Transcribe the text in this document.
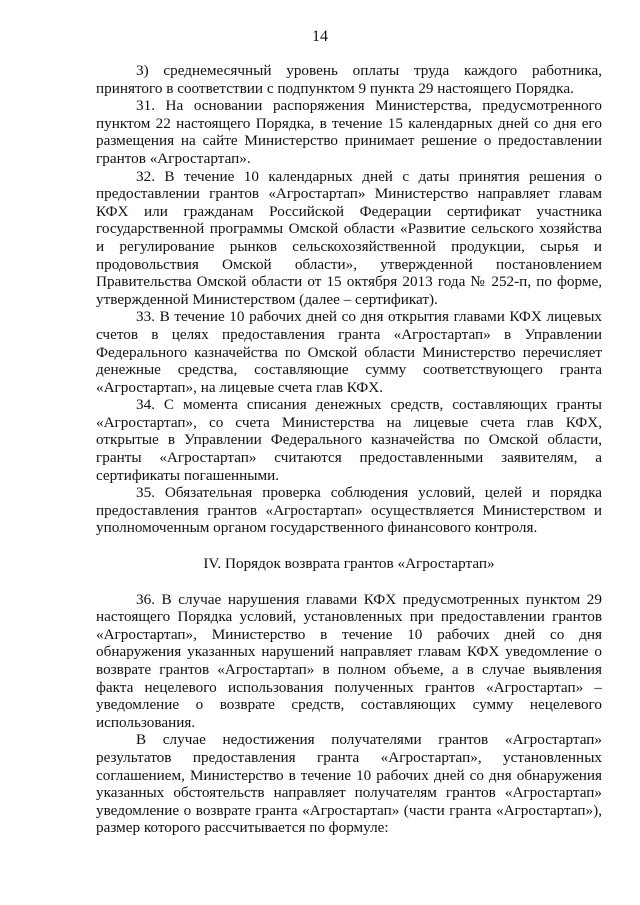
14

3) среднемесячный уровень оплаты труда каждого работника, принятого в соответствии с подпунктом 9 пункта 29 настоящего Порядка.

31. На основании распоряжения Министерства, предусмотренного пунктом 22 настоящего Порядка, в течение 15 календарных дней со дня его размещения на сайте Министерство принимает решение о предоставлении грантов «Агростартап».

32. В течение 10 календарных дней с даты принятия решения о предоставлении грантов «Агростартап» Министерство направляет главам КФХ или гражданам Российской Федерации сертификат участника государственной программы Омской области «Развитие сельского хозяйства и регулирование рынков сельскохозяйственной продукции, сырья и продовольствия Омской области», утвержденной постановлением Правительства Омской области от 15 октября 2013 года № 252-п, по форме, утвержденной Министерством (далее – сертификат).

33. В течение 10 рабочих дней со дня открытия главами КФХ лицевых счетов в целях предоставления гранта «Агростартап» в Управлении Федерального казначейства по Омской области Министерство перечисляет денежные средства, составляющие сумму соответствующего гранта «Агростартап», на лицевые счета глав КФХ.

34. С момента списания денежных средств, составляющих гранты «Агростартап», со счета Министерства на лицевые счета глав КФХ, открытые в Управлении Федерального казначейства по Омской области, гранты «Агростартап» считаются предоставленными заявителям, а сертификаты погашенными.

35. Обязательная проверка соблюдения условий, целей и порядка предоставления грантов «Агростартап» осуществляется Министерством и уполномоченным органом государственного финансового контроля.

IV. Порядок возврата грантов «Агростартап»

36. В случае нарушения главами КФХ предусмотренных пунктом 29 настоящего Порядка условий, установленных при предоставлении грантов «Агростартап», Министерство в течение 10 рабочих дней со дня обнаружения указанных нарушений направляет главам КФХ уведомление о возврате грантов «Агростартап» в полном объеме, а в случае выявления факта нецелевого использования полученных грантов «Агростартап» – уведомление о возврате средств, составляющих сумму нецелевого использования.

В случае недостижения получателями грантов «Агростартап» результатов предоставления гранта «Агростартап», установленных соглашением, Министерство в течение 10 рабочих дней со дня обнаружения указанных обстоятельств направляет получателям грантов «Агростартап» уведомление о возврате гранта «Агростартап» (части гранта «Агростартап»), размер которого рассчитывается по формуле:
